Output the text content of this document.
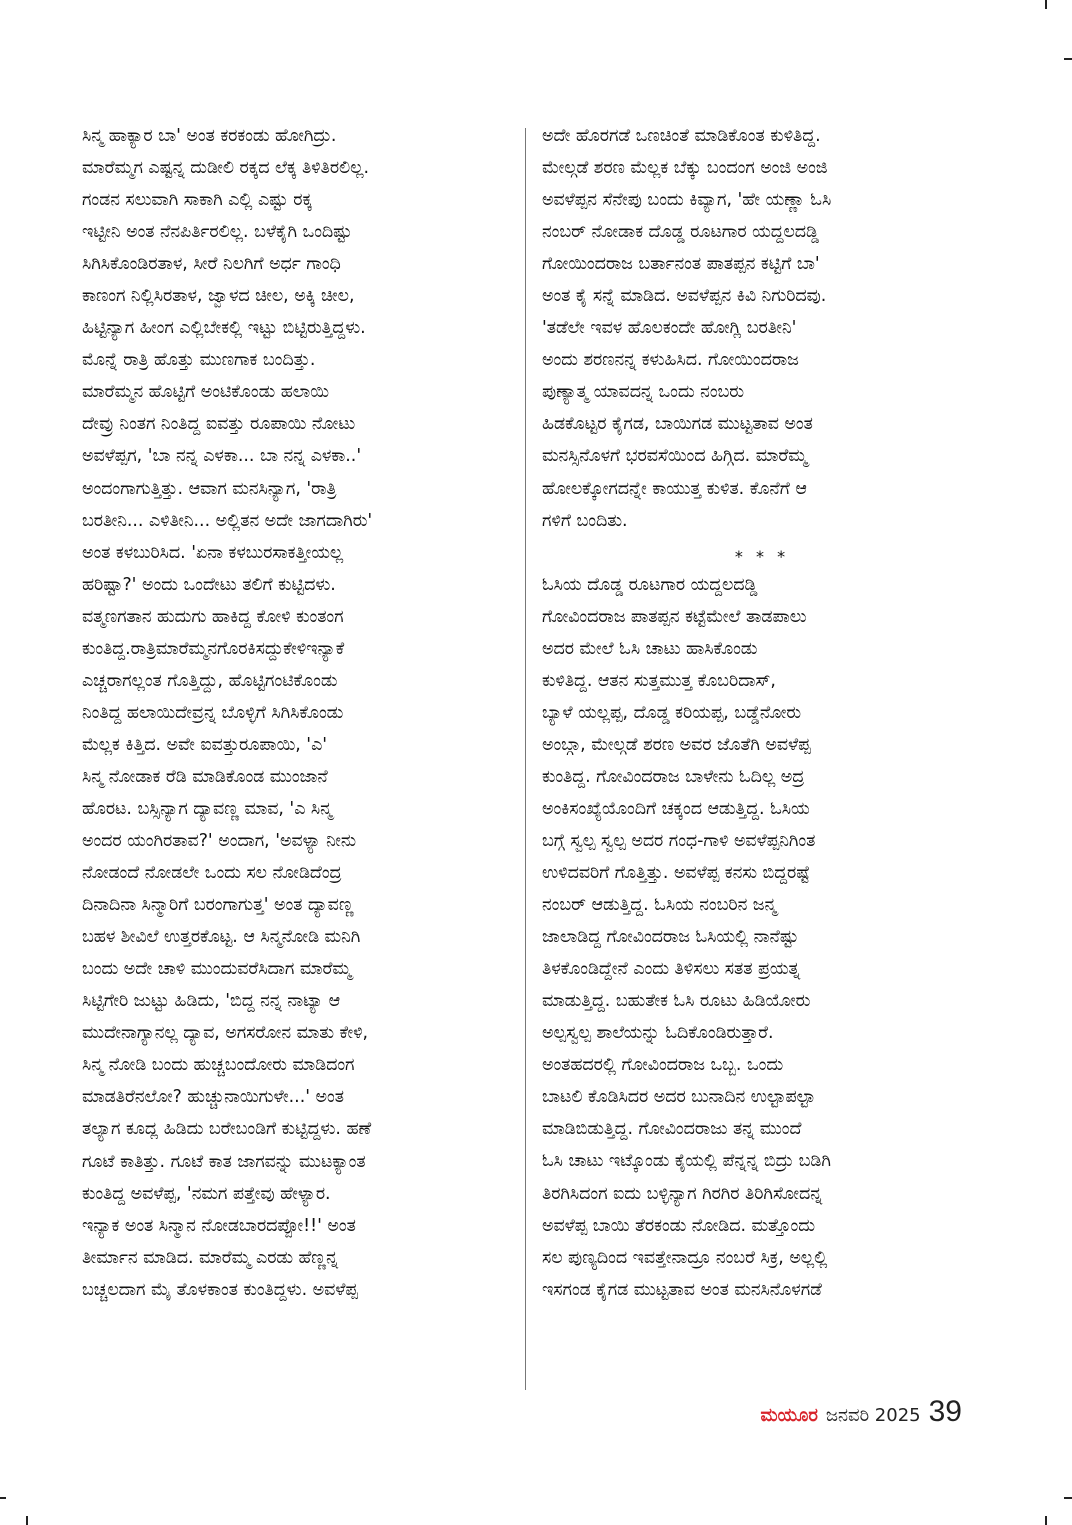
ಸಿನ್ಮ ಹಾಕ್ಯಾರ ಬಾ' ಅಂತ ಕರಕಂಡು ಹೋಗಿದ್ರು.
ಮಾರೆಮ್ಮಗ ಎಷ್ಟನ್ನ ದುಡೀಲಿ ರಕ್ಕದ ಲೆಕ್ಕ ತಿಳಿತಿರಲಿಲ್ಲ.
ಗಂಡನ ಸಲುವಾಗಿ ಸಾಕಾಗಿ ಎಲ್ಲಿ ಎಷ್ಟು ರಕ್ಕ
ಇಟ್ಟೀನಿ ಅಂತ ನೆನಪಿರ್ತಿರಲಿಲ್ಲ. ಬಳೆಕೈಗಿ ಒಂದಿಷ್ಟು
ಸಿಗಿಸಿಕೊಂಡಿರತಾಳ, ಸೀರೆ ನಿಲಗಿಗೆ ಅರ್ಧ ಗಾಂಧಿ
ಕಾಣಂಗ ನಿಲ್ಲಿಸಿರತಾಳ, ಜ್ವಾಳದ ಚೀಲ, ಅಕ್ಕಿ ಚೀಲ,
ಹಿಟ್ಟಿನ್ಯಾಗ ಹೀಂಗ ಎಲ್ಲಿಬೇಕಲ್ಲಿ ಇಟ್ಟು ಬಿಟ್ಟಿರುತ್ತಿದ್ದಳು.
ಮೊನ್ನೆ ರಾತ್ರಿ ಹೊತ್ತು ಮುಣಗಾಕ ಬಂದಿತ್ತು.
ಮಾರೆಮ್ಮನ ಹೊಟ್ಟಿಗೆ ಅಂಟಿಕೊಂಡು ಹಲಾಯಿ
ದೇವ್ರು ನಿಂತಗ ನಿಂತಿದ್ದ ಐವತ್ತು ರೂಪಾಯಿ ನೋಟು
ಅವಳೆಪ್ಪಗ, 'ಬಾ ನನ್ನ ಎಳಕಾ... ಬಾ ನನ್ನ ಎಳಕಾ..'
ಅಂದಂಗಾಗುತ್ತಿತ್ತು. ಆವಾಗ ಮನಸಿನ್ಯಾಗ, 'ರಾತ್ರಿ
ಬರತೀನಿ... ಎಳಿತೀನಿ... ಅಲ್ಲಿತನ ಅದೇ ಜಾಗದಾಗಿರು'
ಅಂತ ಕಳಬುರಿಸಿದ. 'ಏನಾ ಕಳಬುರಸಾಕತ್ತೀಯಲ್ಲ
ಹರಿಷ್ಟಾ?' ಅಂದು ಒಂದೇಟು ತಲಿಗೆ ಕುಟ್ಟಿದಳು.
ವತ್ಮಣಗತಾನ ಹುದುಗು ಹಾಕಿದ್ದ ಕೋಳಿ ಕುಂತಂಗ
ಕುಂತಿದ್ದ.ರಾತ್ರಿಮಾರೆಮ್ಮನಗೊರಕಿಸದ್ದುಕೇಳಿಇನ್ಯಾಕೆ
ಎಚ್ಚರಾಗಲ್ಲಂತ ಗೊತ್ತಿದ್ದು, ಹೊಟ್ಟಿಗಂಟಿಕೊಂಡು
ನಿಂತಿದ್ದ ಹಲಾಯಿದೇವ್ರನ್ನ ಬೊಳ್ಳಿಗೆ ಸಿಗಿಸಿಕೊಂಡು
ಮೆಲ್ಲಕ ಕಿತ್ತಿದ. ಅವೇ ಐವತ್ತುರೂಪಾಯಿ, 'ಎ'
ಸಿನ್ಮ ನೋಡಾಕ ರೆಡಿ ಮಾಡಿಕೊಂಡ ಮುಂಜಾನೆ
ಹೊರಟ. ಬಸ್ಸಿನ್ಯಾಗ ದ್ಯಾವಣ್ಣ ಮಾವ, 'ಎ ಸಿನ್ಮ
ಅಂದರ ಯಂಗಿರತಾವ?' ಅಂದಾಗ, 'ಅವಳ್ಯಾ ನೀನು
ನೋಡಂದೆ ನೋಡಲೇ ಒಂದು ಸಲ ನೋಡಿದೆಂದ್ರ
ದಿನಾದಿನಾ ಸಿನ್ಮಾರಿಗೆ ಬರಂಗಾಗುತ್ತ' ಅಂತ ದ್ಯಾವಣ್ಣ
ಬಹಳ ಶೀವಿಲೆ ಉತ್ತರಕೊಟ್ಟ. ಆ ಸಿನ್ಮನೋಡಿ ಮನಿಗಿ
ಬಂದು ಅದೇ ಚಾಳಿ ಮುಂದುವರೆಸಿದಾಗ ಮಾರೆಮ್ಮ
ಸಿಟ್ಟಿಗೇರಿ ಜುಟ್ಟು ಹಿಡಿದು, 'ಬಿದ್ದ ನನ್ನ ನಾಟ್ಯಾ ಆ
ಮುದೇನಾಗ್ಯಾನಲ್ಲ ದ್ಯಾವ, ಅಗಸರೋನ ಮಾತು ಕೇಳಿ,
ಸಿನ್ಮ ನೋಡಿ ಬಂದು ಹುಚ್ಚಬಂದೋರು ಮಾಡಿದಂಗ
ಮಾಡತಿರೆನಲೋ? ಹುಚ್ಚುನಾಯಿಗುಳೇ...' ಅಂತ
ತಲ್ಯಾಗ ಕೂದ್ಲ ಹಿಡಿದು ಬರೇಬಂಡಿಗೆ ಕುಟ್ಟಿದ್ದಳು. ಹಣೆ
ಗೂಟೆ ಕಾತಿತ್ತು. ಗೂಟೆ ಕಾತ ಜಾಗವನ್ನು ಮುಟಕ್ಯಾಂತ
ಕುಂತಿದ್ದ ಅವಳೆಪ್ಪ, 'ನಮಗ ಪತ್ತೇವು ಹೇಳ್ಯಾರ.
ಇನ್ಯಾಕ ಅಂತ ಸಿನ್ಮಾನ ನೋಡಬಾರದಪ್ಪೋ!!' ಅಂತ
ತೀರ್ಮಾನ ಮಾಡಿದ. ಮಾರೆಮ್ಮ ಎರಡು ಹೆಣ್ಣನ್ನ
ಬಚ್ಚಲದಾಗ ಮೈ ತೊಳಕಾಂತ ಕುಂತಿದ್ದಳು. ಅವಳೆಪ್ಪ

ಅದೇ ಹೊರಗಡೆ ಒಣಚಿಂತೆ ಮಾಡಿಕೊಂತ ಕುಳಿತಿದ್ದ.
ಮೇಲ್ಗಡೆ ಶರಣ ಮೆಲ್ಲಕ ಬೆಕ್ಕು ಬಂದಂಗ ಅಂಜಿ ಅಂಜಿ
ಅವಳೆಪ್ಪನ ಸೆನೇಪು ಬಂದು ಕಿವ್ಯಾಗ, 'ಹೇ ಯಣ್ಣಾ ಓಸಿ
ನಂಬರ್ ನೋಡಾಕ ದೊಡ್ಡ ರೂಟಗಾರ ಯದ್ದಲದಡ್ಡಿ
ಗೋಯಿಂದರಾಜ ಬರ್ತಾನಂತ ಪಾತಪ್ಪನ ಕಟ್ಟಿಗೆ ಬಾ'
ಅಂತ ಕೈ ಸನ್ನೆ ಮಾಡಿದ. ಅವಳೆಪ್ಪನ ಕಿವಿ ನಿಗುರಿದವು.
'ತಡೆಲೇ ಇವಳ ಹೊಲಕಂದೇ ಹೋಗ್ಲಿ ಬರತೀನಿ'
ಅಂದು ಶರಣನನ್ನ ಕಳುಹಿಸಿದ. ಗೋಯಿಂದರಾಜ
ಪುಣ್ಯಾತ್ಮ ಯಾವದನ್ನ ಒಂದು ನಂಬರು
ಹಿಡಕೊಟ್ಟರ ಕೈಗಡ, ಬಾಯಿಗಡ ಮುಟ್ಟತಾವ ಅಂತ
ಮನಸ್ಸಿನೊಳಗೆ ಭರವಸೆಯಿಂದ ಹಿಗ್ಗಿದ. ಮಾರೆಮ್ಮ
ಹೋಲಕ್ಕೋಗದನ್ನೇ ಕಾಯುತ್ತ ಕುಳಿತ. ಕೊನೆಗೆ ಆ
ಗಳಿಗೆ ಬಂದಿತು.

* * *

ಓಸಿಯ ದೊಡ್ಡ ರೂಟಗಾರ ಯದ್ದಲದಡ್ಡಿ
ಗೋವಿಂದರಾಜ ಪಾತಪ್ಪನ ಕಟ್ಟೆಮೇಲೆ ತಾಡಪಾಲು
ಅದರ ಮೇಲೆ ಓಸಿ ಚಾಟು ಹಾಸಿಕೊಂಡು
ಕುಳಿತಿದ್ದ. ಆತನ ಸುತ್ತಮುತ್ತ ಕೊಬರಿದಾಸ್,
ಬ್ಯಾಳೆ ಯಲ್ಲಪ್ಪ, ದೊಡ್ಡ ಕರಿಯಪ್ಪ, ಬಡ್ಡೆನೋರು
ಅಂಬ್ಗಾ, ಮೇಲ್ಗಡೆ ಶರಣ ಅವರ ಜೊತೆಗಿ ಅವಳೆಪ್ಪ
ಕುಂತಿದ್ದ. ಗೋವಿಂದರಾಜ ಬಾಳೇನು ಓದಿಲ್ಲ ಅದ್ರ
ಅಂಕಿಸಂಖ್ಯೆಯೊಂದಿಗೆ ಚಕ್ಕಂದ ಆಡುತ್ತಿದ್ದ. ಓಸಿಯ
ಬಗ್ಗೆ ಸ್ವಲ್ಪ ಸ್ವಲ್ಪ ಅದರ ಗಂಧ-ಗಾಳಿ ಅವಳೆಪ್ಪನಿಗಿಂತ
ಉಳಿದವರಿಗೆ ಗೊತ್ತಿತ್ತು. ಅವಳೆಪ್ಪ ಕನಸು ಬಿದ್ದರಷ್ಟೆ
ನಂಬರ್ ಆಡುತ್ತಿದ್ದ. ಓಸಿಯ ನಂಬರಿನ ಜನ್ಮ
ಜಾಲಾಡಿದ್ದ ಗೋವಿಂದರಾಜ ಓಸಿಯಲ್ಲಿ ನಾನೆಷ್ಟು
ತಿಳಕೊಂಡಿದ್ದೇನೆ ಎಂದು ತಿಳಿಸಲು ಸತತ ಪ್ರಯತ್ನ
ಮಾಡುತ್ತಿದ್ದ. ಬಹುತೇಕ ಓಸಿ ರೂಟು ಹಿಡಿಯೋರು
ಅಲ್ಪಸ್ವಲ್ಪ ಶಾಲೆಯನ್ನು ಓದಿಕೊಂಡಿರುತ್ತಾರೆ.
ಅಂತಹದರಲ್ಲಿ ಗೋವಿಂದರಾಜ ಒಬ್ಬ. ಒಂದು
ಬಾಟಲಿ ಕೊಡಿಸಿದರ ಅದರ ಬುನಾದಿನ ಉಲ್ಟಾಪಲ್ಟಾ
ಮಾಡಿಬಿಡುತ್ತಿದ್ದ. ಗೋವಿಂದರಾಜು ತನ್ನ ಮುಂದೆ
ಓಸಿ ಚಾಟು ಇಟ್ಕೊಂಡು ಕೈಯಲ್ಲಿ ಪೆನ್ನನ್ನ ಬಿದ್ರು ಬಡಿಗಿ
ತಿರಗಿಸಿದಂಗ ಐದು ಬಳ್ಳಿನ್ಯಾಗ ಗಿರಗಿರ ತಿರಿಗಿಸೋದನ್ನ
ಅವಳೆಪ್ಪ ಬಾಯಿ ತೆರಕಂಡು ನೋಡಿದ. ಮತ್ತೊಂದು
ಸಲ ಪುಣ್ಯದಿಂದ ಇವತ್ತೇನಾದ್ರೂ ನಂಬರೆ ಸಿಕ್ರ, ಅಲ್ಲಲ್ಲಿ
ಇಸಗಂಡ ಕೈಗಡ ಮುಟ್ಟತಾವ ಅಂತ ಮನಸಿನೊಳಗಡೆ

ಮಯೂರ ಜನವರಿ 2025 39
